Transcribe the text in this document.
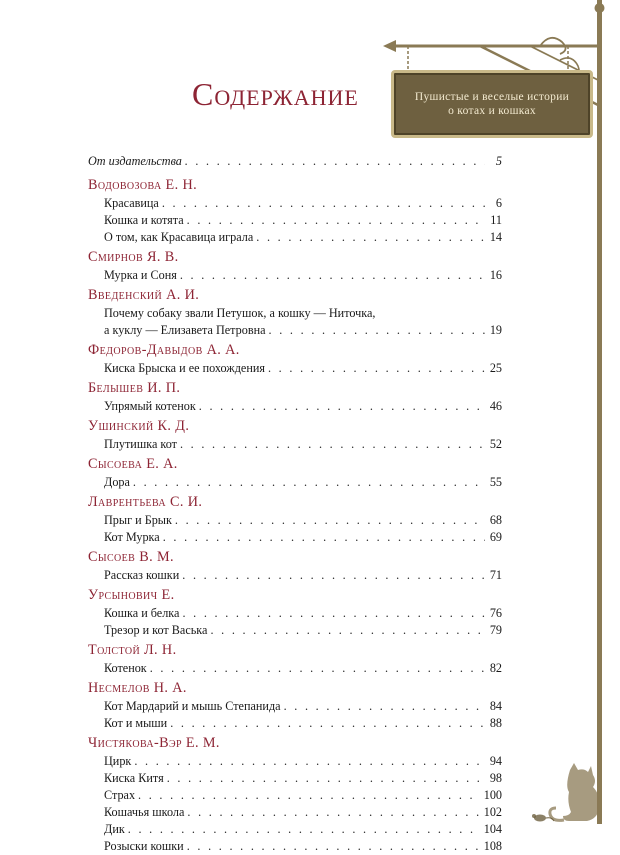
Пушистые и веселые истории
о котах и кошках
Содержание
От издательства . . .	5
Водовозова Е. Н.
Красавица . . .	6
Кошка и котята . . .	11
О том, как Красавица играла . . .	14
Смирнов Я. В.
Мурка и Соня . . .	16
Введенский А. И.
Почему собаку звали Петушок, а кошку — Ниточка,
а куклу — Елизавета Петровна . . .	19
Федоров-Давыдов А. А.
Киска Брыска и ее похождения . . .	25
Белышев И. П.
Упрямый котенок . . .	46
Ушинский К. Д.
Плутишка кот . . .	52
Сысоева Е. А.
Дора . . .	55
Лаврентьева С. И.
Прыг и Брык . . .	68
Кот Мурка . . .	69
Сысоев В. М.
Рассказ кошки . . .	71
Урсынович Е.
Кошка и белка . . .	76
Трезор и кот Васька . . .	79
Толстой Л. Н.
Котенок . . .	82
Несмелов Н. А.
Кот Мардарий и мышь Степанида . . .	84
Кот и мыши . . .	88
Чистякова-Вэр Е. М.
Цирк . . .	94
Киска Китя . . .	98
Страх . . .	100
Кошачья школа . . .	102
Дик . . .	104
Розыски кошки . . .	108
